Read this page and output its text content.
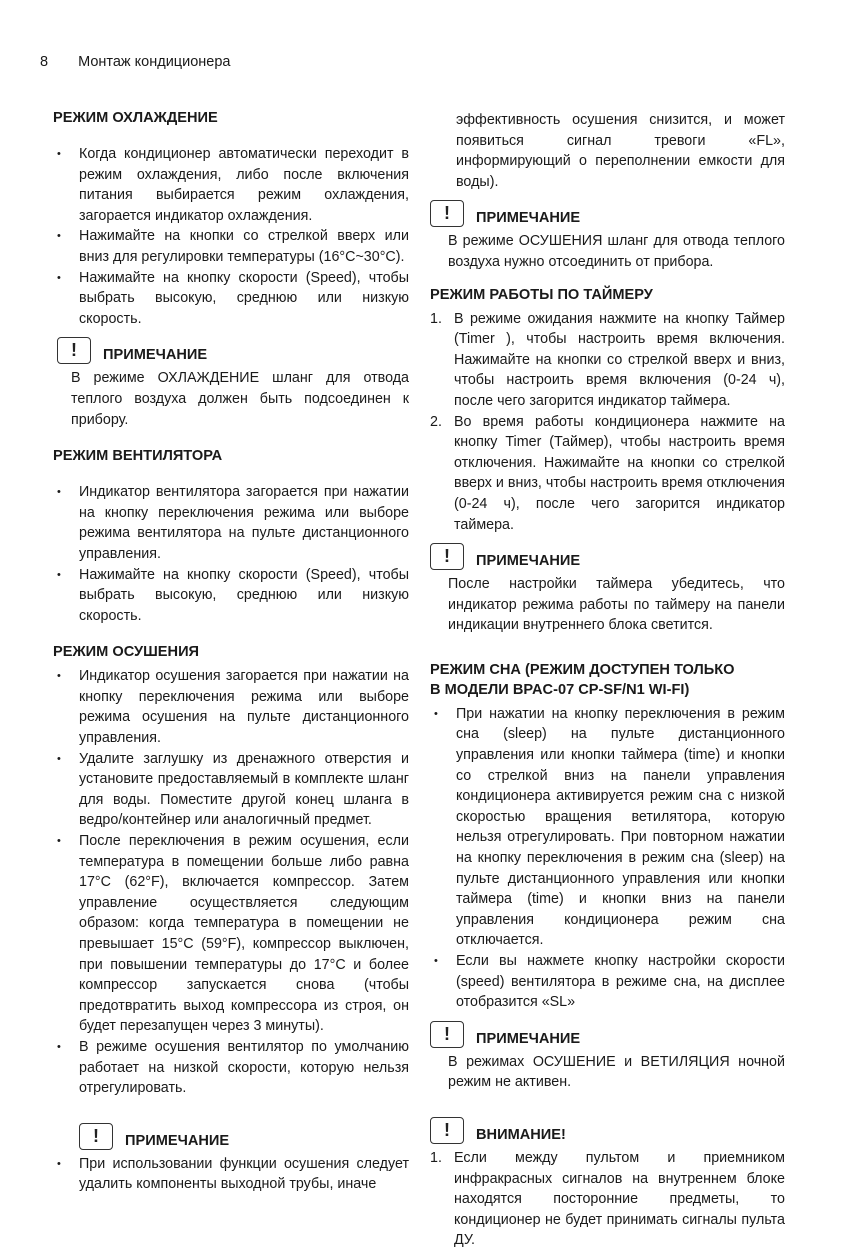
8 Монтаж кондиционера
РЕЖИМ ОХЛАЖДЕНИЕ
• Когда кондиционер автоматически переходит в режим охлаждения, либо после включения питания выбирается режим охлаждения, загорается индикатор охлаждения.
• Нажимайте на кнопки со стрелкой вверх или вниз для регулировки температуры (16°C~30°C).
• Нажимайте на кнопку скорости (Speed), чтобы выбрать высокую, среднюю или низкую скорость.
!	ПРИМЕЧАНИЕ

В режиме ОХЛАЖДЕНИЕ шланг для отвода теплого воздуха должен быть подсоединен к прибору.

РЕЖИМ ВЕНТИЛЯТОРА
• Индикатор вентилятора загорается при нажатии на кнопку переключения режима или выборе режима вентилятора на пульте дистанционного управления.
• Нажимайте на кнопку скорости (Speed), чтобы выбрать высокую, среднюю или низкую скорость.
РЕЖИМ ОСУШЕНИЯ
• Индикатор осушения загорается при нажатии на кнопку переключения режима или выборе режима осушения на пульте дистанционного управления.
• Удалите заглушку из дренажного отверстия и установите предоставляемый в комплекте шланг для воды. Поместите другой конец шланга в ведро/контейнер или аналогичный предмет.
• После переключения в режим осушения, если температура в помещении больше либо равна 17°C (62°F), включается компрессор. Затем управление осуществляется следующим образом: когда температура в помещении не превышает 15°C (59°F), компрессор выключен, при повышении температуры до 17°C и более компрессор запускается снова (чтобы предотвратить выход компрессора из строя, он будет перезапущен через 3 минуты).
• В режиме осушения вентилятор по умолчанию работает на низкой скорости, которую нельзя отрегулировать.
!	ПРИМЕЧАНИЕ
• При использовании функции осушения следует удалить компоненты выходной трубы, иначе

эффективность осушения снизится, и может появиться сигнал тревоги «FL», информирующий о переполнении емкости для воды).

!	ПРИМЕЧАНИЕ

В режиме ОСУШЕНИЯ шланг для отвода теплого воздуха нужно отсоединить от прибора.

РЕЖИМ РАБОТЫ ПО ТАЙМЕРУ
1. В режиме ожидания нажмите на кнопку Таймер (Timer ), чтобы настроить время включения. Нажимайте на кнопки со стрелкой вверх и вниз, чтобы настроить время включения (0-24 ч), после чего загорится индикатор таймера.
2. Во время работы кондиционера нажмите на кнопку Timer (Таймер), чтобы настроить время отключения. Нажимайте на кнопки со стрелкой вверх и вниз, чтобы настроить время отключения (0-24 ч), после чего загорится индикатор таймера.
!	ПРИМЕЧАНИЕ

После настройки таймера убедитесь, что индикатор режима работы по таймеру на панели индикации внутреннего блока светится.

РЕЖИМ СНА (РЕЖИМ ДОСТУПЕН ТОЛЬКО
В МОДЕЛИ BPAC-07 CP-SF/N1 WI-FI)
• При нажатии на кнопку переключения в режим сна (sleep) на пульте дистанционного управления или кнопки таймера (time) и кнопки со стрелкой вниз на панели управления кондиционера активируется режим сна с низкой скоростью вращения ветилятора, которую нельзя отрегулировать. При повторном нажатии на кнопку переключения в режим сна (sleep) на пульте дистанционного управления или кнопки таймера (time) и кнопки вниз на панели управления кондиционера режим сна отключается.
• Если вы нажмете кнопку настройки скорости (speed) вентилятора в режиме сна, на дисплее отобразится «SL»
!	ПРИМЕЧАНИЕ

В режимах ОСУШЕНИЕ и ВЕТИЛЯЦИЯ ночной режим не активен.

!	ВНИМАНИЕ!
1. Если между пультом и приемником инфракрасных сигналов на внутреннем блоке находятся посторонние предметы, то кондиционер не будет принимать сигналы пульта ДУ.
